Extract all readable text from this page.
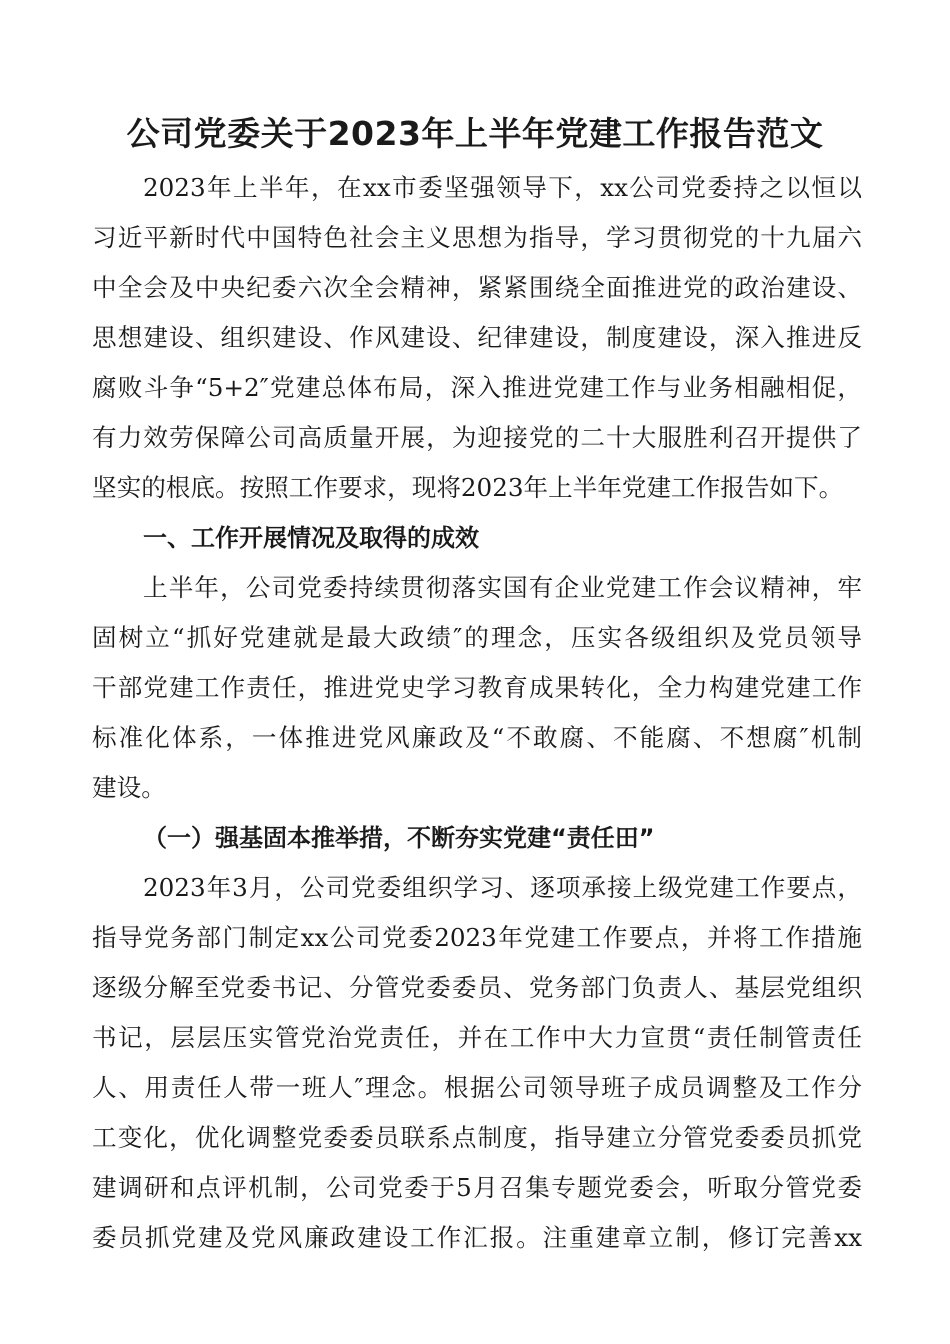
公司党委关于2023年上半年党建工作报告范文
2023年上半年，在xx市委坚强领导下，xx公司党委持之以恒以
习近平新时代中国特色社会主义思想为指导，学习贯彻党的十九届六
中全会及中央纪委六次全会精神，紧紧围绕全面推进党的政治建设、
思想建设、组织建设、作风建设、纪律建设，制度建设，深入推进反
腐败斗争“5+2″党建总体布局，深入推进党建工作与业务相融相促，
有力效劳保障公司高质量开展，为迎接党的二十大服胜利召开提供了
坚实的根底。按照工作要求，现将2023年上半年党建工作报告如下。
一、工作开展情况及取得的成效
上半年，公司党委持续贯彻落实国有企业党建工作会议精神，牢
固树立“抓好党建就是最大政绩″的理念，压实各级组织及党员领导
干部党建工作责任，推进党史学习教育成果转化，全力构建党建工作
标准化体系，一体推进党风廉政及“不敢腐、不能腐、不想腐″机制
建设。
（一）强基固本推举措，不断夯实党建“责任田”
2023年3月，公司党委组织学习、逐项承接上级党建工作要点，
指导党务部门制定xx公司党委2023年党建工作要点，并将工作措施
逐级分解至党委书记、分管党委委员、党务部门负责人、基层党组织
书记，层层压实管党治党责任，并在工作中大力宣贯“责任制管责任
人、用责任人带一班人″理念。根据公司领导班子成员调整及工作分
工变化，优化调整党委委员联系点制度，指导建立分管党委委员抓党
建调研和点评机制，公司党委于5月召集专题党委会，听取分管党委
委员抓党建及党风廉政建设工作汇报。注重建章立制，修订完善xx
